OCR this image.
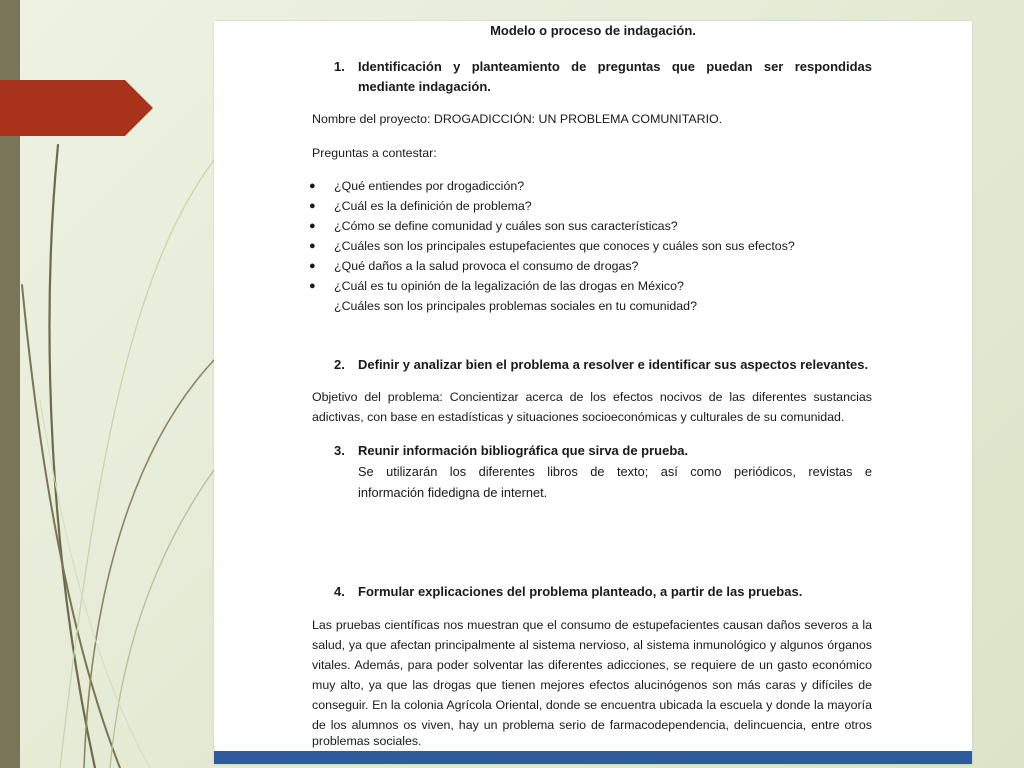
Modelo o proceso de indagación.
1. Identificación y planteamiento de preguntas que puedan ser respondidas
mediante indagación.
Nombre del proyecto: DROGADICCIÓN: UN PROBLEMA COMUNITARIO.
Preguntas a contestar:
● ¿Qué entiendes por drogadicción?
● ¿Cuál es la definición de problema?
● ¿Cómo se define comunidad y cuáles son sus características?
● ¿Cuáles son los principales estupefacientes que conoces y cuáles son sus efectos?
● ¿Qué daños a la salud provoca el consumo de drogas?
● ¿Cuál es tu opinión de la legalización de las drogas en México?
¿Cuáles son los principales problemas sociales en tu comunidad?
2. Definir y analizar bien el problema a resolver e identificar sus aspectos relevantes.
Objetivo del problema: Concientizar acerca de los efectos nocivos de las diferentes sustancias
adictivas, con base en estadísticas y situaciones socioeconómicas y culturales de su comunidad.
3. Reunir información bibliográfica que sirva de prueba.
Se utilizarán los diferentes libros de texto; así como periódicos, revistas e
información fidedigna de internet.
4. Formular explicaciones del problema planteado, a partir de las pruebas.
Las pruebas científicas nos muestran que el consumo de estupefacientes causan daños severos a la
salud, ya que afectan principalmente al sistema nervioso, al sistema inmunológico y algunos órganos
vitales. Además, para poder solventar las diferentes adicciones, se requiere de un gasto económico
muy alto, ya que las drogas que tienen mejores efectos alucinógenos son más caras y difíciles de
conseguir. En la colonia Agrícola Oriental, donde se encuentra ubicada la escuela y donde la mayoría
de los alumnos os viven, hay un problema serio de farmacodependencia, delincuencia, entre otros
problemas sociales.
